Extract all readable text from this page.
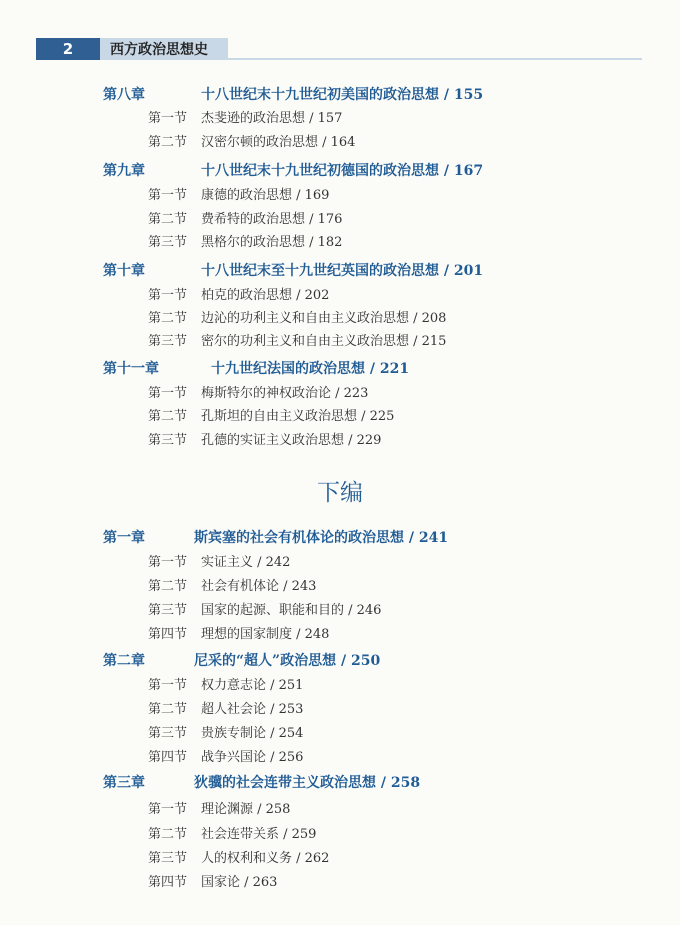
2	西方政治思想史
第八章	十八世纪末十九世纪初美国的政治思想 / 155
第一节 杰斐逊的政治思想 / 157
第二节 汉密尔顿的政治思想 / 164
第九章	十八世纪末十九世纪初德国的政治思想 / 167
第一节 康德的政治思想 / 169
第二节 费希特的政治思想 / 176
第三节 黑格尔的政治思想 / 182
第十章	十八世纪末至十九世纪英国的政治思想 / 201
第一节 柏克的政治思想 / 202
第二节 边沁的功利主义和自由主义政治思想 / 208
第三节 密尔的功利主义和自由主义政治思想 / 215
第十一章	十九世纪法国的政治思想 / 221
第一节 梅斯特尔的神权政治论 / 223
第二节 孔斯坦的自由主义政治思想 / 225
第三节 孔德的实证主义政治思想 / 229
下编
第一章	斯宾塞的社会有机体论的政治思想 / 241
第一节 实证主义 / 242
第二节 社会有机体论 / 243
第三节 国家的起源、职能和目的 / 246
第四节 理想的国家制度 / 248
第二章	尼采的“超人”政治思想 / 250
第一节 权力意志论 / 251
第二节 超人社会论 / 253
第三节 贵族专制论 / 254
第四节 战争兴国论 / 256
第三章	狄骥的社会连带主义政治思想 / 258
第一节 理论渊源 / 258
第二节 社会连带关系 / 259
第三节 人的权利和义务 / 262
第四节 国家论 / 263
